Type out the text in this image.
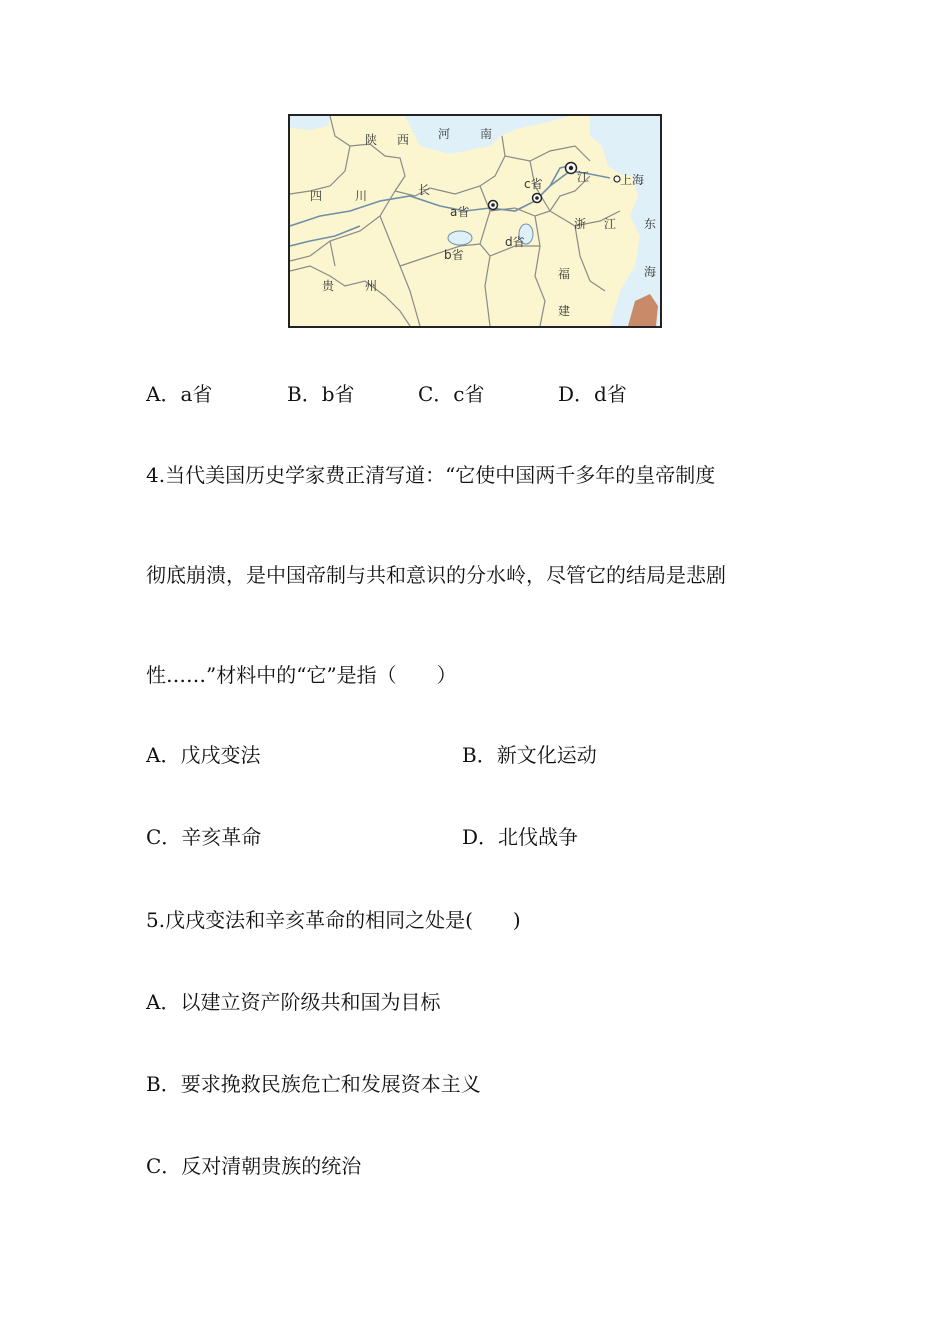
陕 西 河 南
四	川	长
江
a省
b省
c省
d省
上海
浙 江 东
海
贵	州
福
建
A．a省	B．b省	C．c省	D．d省
4.当代美国历史学家费正清写道：“它使中国两千多年的皇帝制度
彻底崩溃，是中国帝制与共和意识的分水岭，尽管它的结局是悲剧
性……”材料中的“它”是指（　　）
A．戊戌变法	B．新文化运动
C．辛亥革命	D．北伐战争
5.戊戌变法和辛亥革命的相同之处是(　　)
A．以建立资产阶级共和国为目标
B．要求挽救民族危亡和发展资本主义
C．反对清朝贵族的统治
